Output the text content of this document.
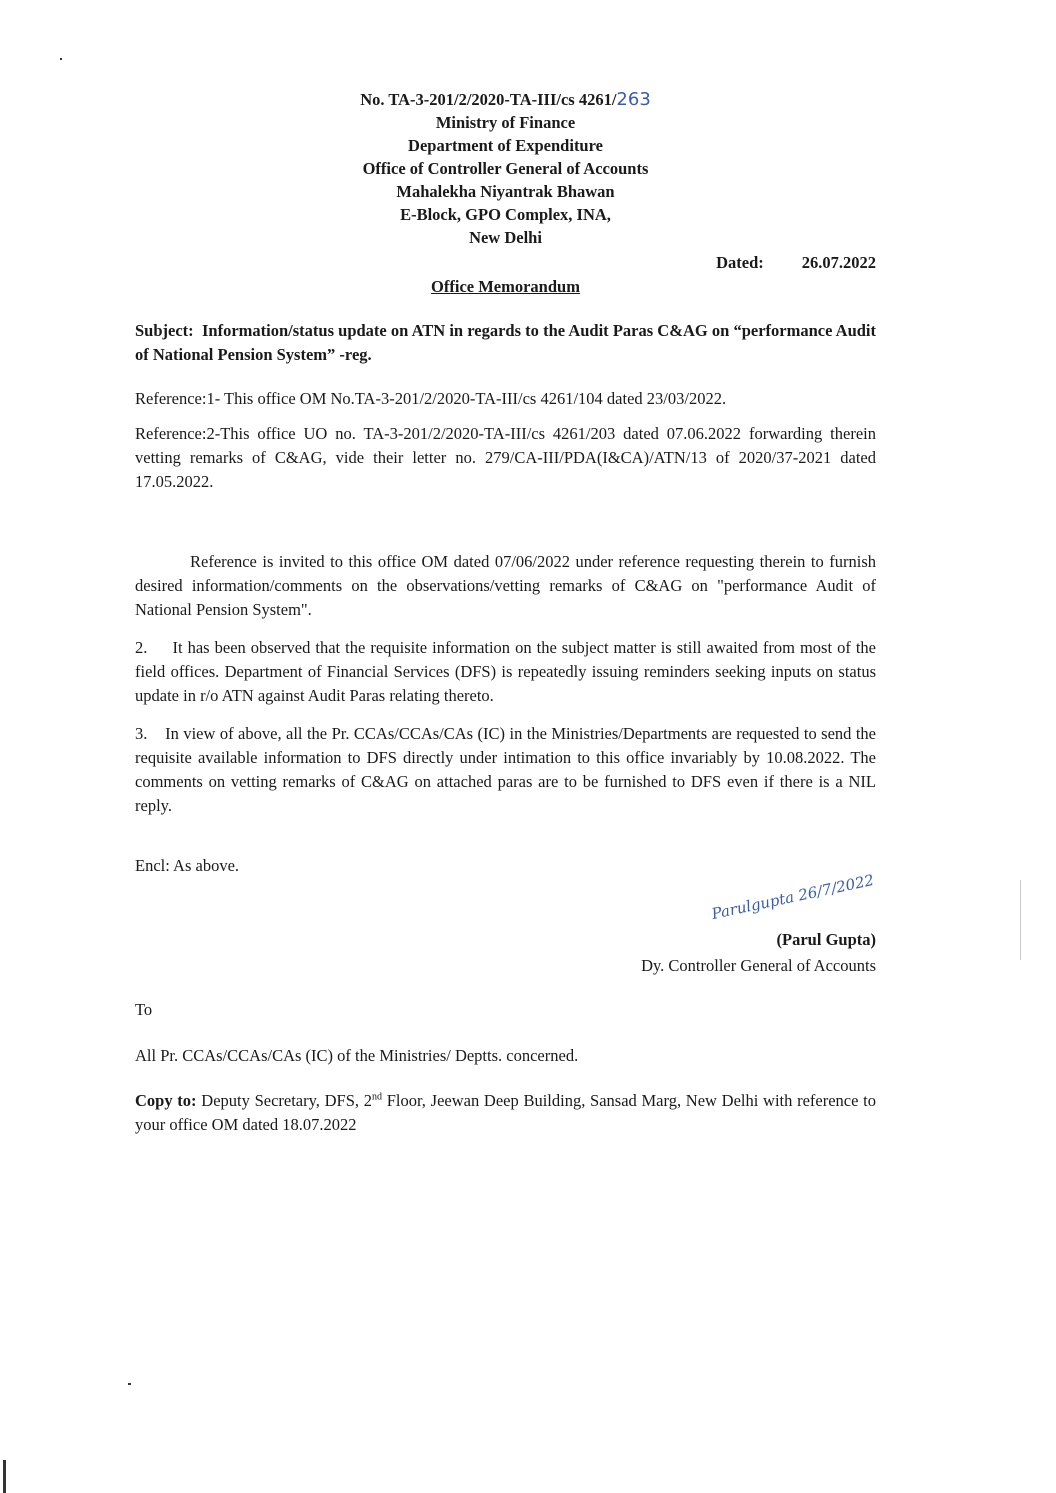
No. TA-3-201/2/2020-TA-III/cs 4261/263
Ministry of Finance
Department of Expenditure
Office of Controller General of Accounts
Mahalekha Niyantrak Bhawan
E-Block, GPO Complex, INA,
New Delhi
Dated: 26.07.2022
Office Memorandum
Subject: Information/status update on ATN in regards to the Audit Paras C&AG on “performance Audit of National Pension System” -reg.
Reference:1- This office OM No.TA-3-201/2/2020-TA-III/cs 4261/104 dated 23/03/2022.
Reference:2-This office UO no. TA-3-201/2/2020-TA-III/cs 4261/203 dated 07.06.2022 forwarding therein vetting remarks of C&AG, vide their letter no. 279/CA-III/PDA(I&CA)/ATN/13 of 2020/37-2021 dated 17.05.2022.
Reference is invited to this office OM dated 07/06/2022 under reference requesting therein to furnish desired information/comments on the observations/vetting remarks of C&AG on "performance Audit of National Pension System".
2.     It has been observed that the requisite information on the subject matter is still awaited from most of the field offices. Department of Financial Services (DFS) is repeatedly issuing reminders seeking inputs on status update in r/o ATN against Audit Paras relating thereto.
3.    In view of above, all the Pr. CCAs/CCAs/CAs (IC) in the Ministries/Departments are requested to send the requisite available information to DFS directly under intimation to this office invariably by 10.08.2022. The comments on vetting remarks of C&AG on attached paras are to be furnished to DFS even if there is a NIL reply.
Encl: As above.
Parulgupta 26/7/2022
(Parul Gupta)
Dy. Controller General of Accounts
To
All Pr. CCAs/CCAs/CAs (IC) of the Ministries/ Deptts. concerned.
Copy to: Deputy Secretary, DFS, 2nd Floor, Jeewan Deep Building, Sansad Marg, New Delhi with reference to your office OM dated 18.07.2022
